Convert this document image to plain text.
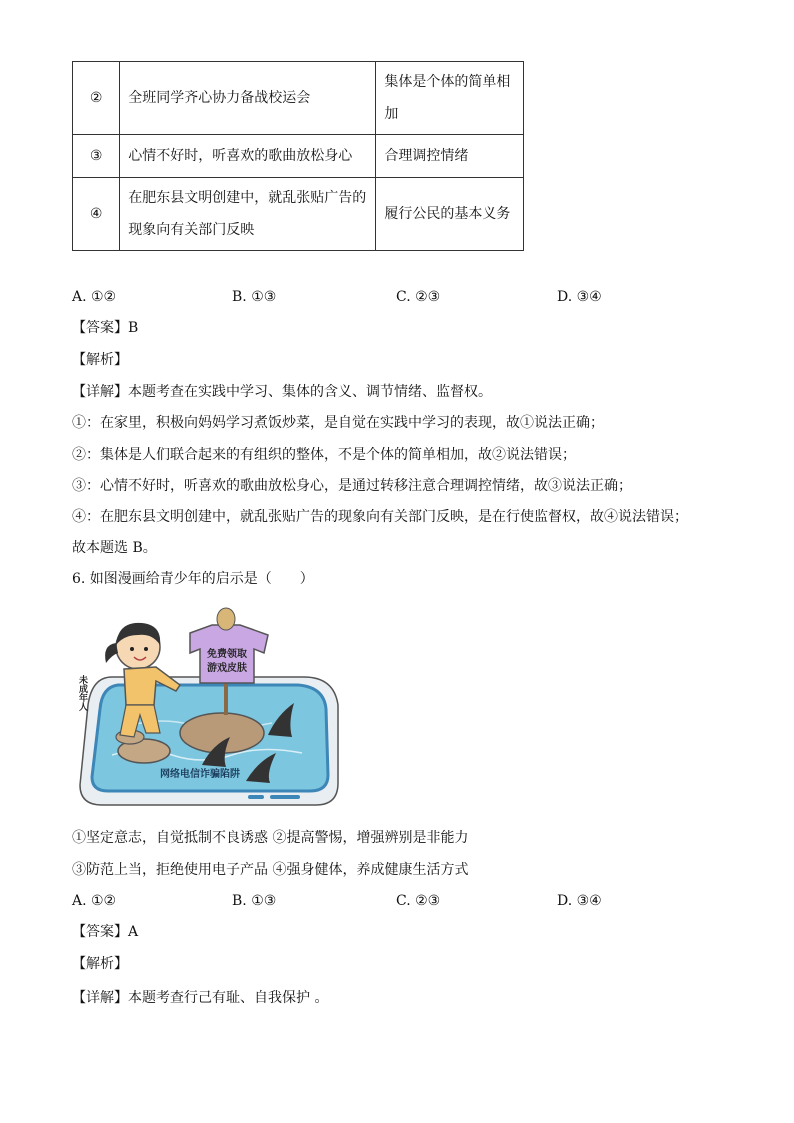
②	全班同学齐心协力备战校运会	集体是个体的简单相
加

③	心情不好时，听喜欢的歌曲放松身心	合理调控情绪

④	在肥东县文明创建中，就乱张贴广告的
现象向有关部门反映	履行公民的基本义务
A. ①②	B. ①③	C. ②③	D. ③④
【答案】B
【解析】
【详解】本题考查在实践中学习、集体的含义、调节情绪、监督权。
①：在家里，积极向妈妈学习煮饭炒菜，是自觉在实践中学习的表现，故①说法正确；
②：集体是人们联合起来的有组织的整体，不是个体的简单相加，故②说法错误；
③：心情不好时，听喜欢的歌曲放松身心，是通过转移注意合理调控情绪，故③说法正确；
④：在肥东县文明创建中，就乱张贴广告的现象向有关部门反映，是在行使监督权，故④说法错误；
故本题选 B。
6. 如图漫画给青少年的启示是（　　）
免费领取
游戏皮肤
未成年人
网络电信诈骗陷阱
①坚定意志，自觉抵制不良诱惑 ②提高警惕，增强辨别是非能力
③防范上当，拒绝使用电子产品 ④强身健体，养成健康生活方式
A. ①②	B. ①③	C. ②③	D. ③④
【答案】A
【解析】
【详解】本题考查行己有耻、自我保护 。
